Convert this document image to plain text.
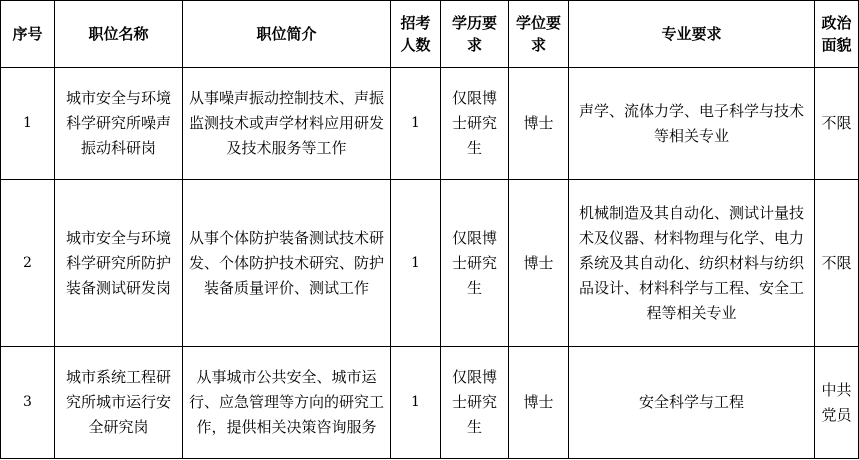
序号	职位名称	职位简介	招考人数	学历要求	学位要求	专业要求	政治面貌
1	城市安全与环境科学研究所噪声振动科研岗	从事噪声振动控制技术、声振监测技术或声学材料应用研发及技术服务等工作	1	仅限博士研究生	博士	声学、流体力学、电子科学与技术等相关专业	不限
2	城市安全与环境科学研究所防护装备测试研发岗	从事个体防护装备测试技术研发、个体防护技术研究、防护装备质量评价、测试工作	1	仅限博士研究生	博士	机械制造及其自动化、测试计量技术及仪器、材料物理与化学、电力系统及其自动化、纺织材料与纺织品设计、材料科学与工程、安全工程等相关专业	不限
3	城市系统工程研究所城市运行安全研究岗	从事城市公共安全、城市运行、应急管理等方向的研究工作，提供相关决策咨询服务	1	仅限博士研究生	博士	安全科学与工程	中共党员
